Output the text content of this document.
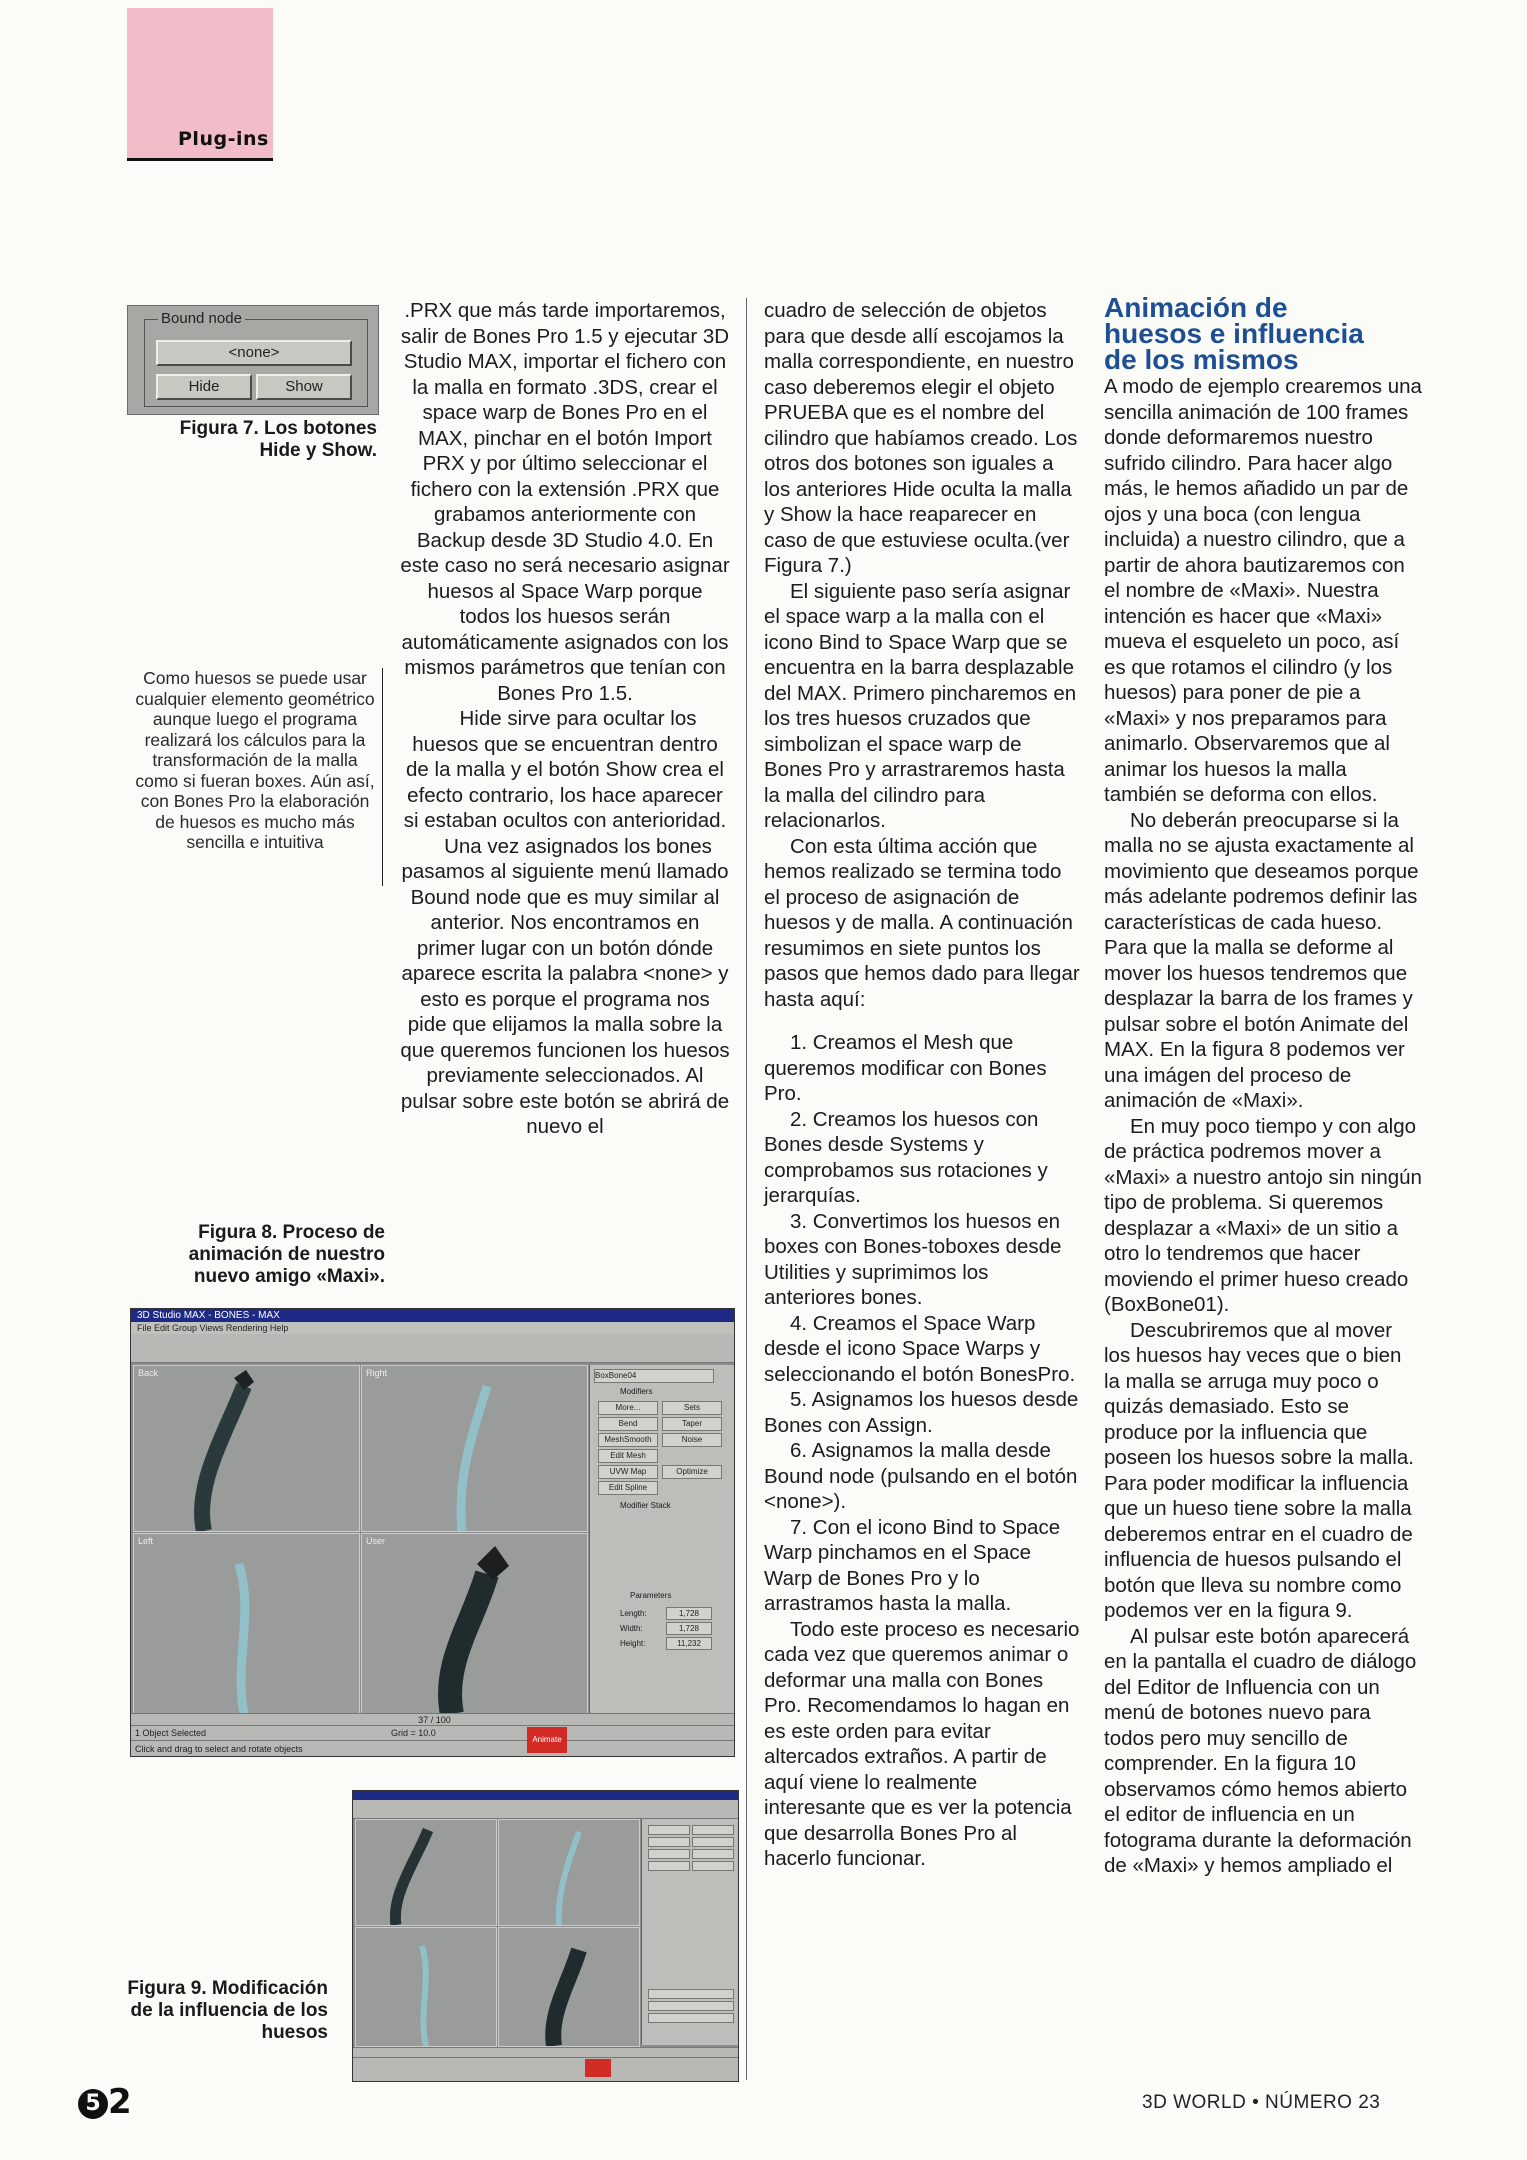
Plug-ins
Bound node
<none>
Hide	Show
Figura 7. Los botones
Hide y Show.
Como huesos se puede usar cualquier elemento geométrico aunque luego el programa realizará los cálculos para la transformación de la malla como si fueran boxes. Aún así, con Bones Pro la elaboración de huesos es mucho más sencilla e intuitiva
Figura 8. Proceso de
animación de nuestro
nuevo amigo «Maxi».

.PRX que más tarde importaremos, salir de Bones Pro 1.5 y ejecutar 3D Studio MAX, importar el fichero con la malla en formato .3DS, crear el space warp de Bones Pro en el MAX, pinchar en el botón Import PRX y por último seleccionar el fichero con la extensión .PRX que grabamos anteriormente con Backup desde 3D Studio 4.0. En este caso no será necesario asignar huesos al Space Warp porque todos los huesos serán automáticamente asignados con los mismos parámetros que tenían con Bones Pro 1.5.

Hide sirve para ocultar los huesos que se encuentran dentro de la malla y el botón Show crea el efecto contrario, los hace aparecer si estaban ocultos con anterioridad.

Una vez asignados los bones pasamos al siguiente menú llamado Bound node que es muy similar al anterior. Nos encontramos en primer lugar con un botón dónde aparece escrita la palabra <none> y esto es porque el programa nos pide que elijamos la malla sobre la que queremos funcionen los huesos previamente seleccionados. Al pulsar sobre este botón se abrirá de nuevo el

cuadro de selección de objetos para que desde allí escojamos la malla correspondiente, en nuestro caso deberemos elegir el objeto PRUEBA que es el nombre del cilindro que habíamos creado. Los otros dos botones son iguales a los anteriores Hide oculta la malla y Show la hace reaparecer en caso de que estuviese oculta.(ver Figura 7.)

El siguiente paso sería asignar el space warp a la malla con el icono Bind to Space Warp que se encuentra en la barra desplazable del MAX. Primero pincharemos en los tres huesos cruzados que simbolizan el space warp de Bones Pro y arrastraremos hasta la malla del cilindro para relacionarlos.

Con esta última acción que hemos realizado se termina todo el proceso de asignación de huesos y de malla. A continuación resumimos en siete puntos los pasos que hemos dado para llegar hasta aquí:

1. Creamos el Mesh que queremos modificar con Bones Pro.

2. Creamos los huesos con Bones desde Systems y comprobamos sus rotaciones y jerarquías.

3. Convertimos los huesos en boxes con Bones-toboxes desde Utilities y suprimimos los anteriores bones.

4. Creamos el Space Warp desde el icono Space Warps y seleccionando el botón BonesPro.

5. Asignamos los huesos desde Bones con Assign.

6. Asignamos la malla desde Bound node (pulsando en el botón <none>).

7. Con el icono Bind to Space Warp pinchamos en el Space Warp de Bones Pro y lo arrastramos hasta la malla.

Todo este proceso es necesario cada vez que queremos animar o deformar una malla con Bones Pro. Recomendamos lo hagan en es este orden para evitar altercados extraños. A partir de aquí viene lo realmente interesante que es ver la potencia que desarrolla Bones Pro al hacerlo funcionar.

Animación de
huesos e influencia
de los mismos

A modo de ejemplo crearemos una sencilla animación de 100 frames donde deformaremos nuestro sufrido cilindro. Para hacer algo más, le hemos añadido un par de ojos y una boca (con lengua incluida) a nuestro cilindro, que a partir de ahora bautizaremos con el nombre de «Maxi». Nuestra intención es hacer que «Maxi» mueva el esqueleto un poco, así es que rotamos el cilindro (y los huesos) para poner de pie a «Maxi» y nos preparamos para animarlo. Observaremos que al animar los huesos la malla también se deforma con ellos.

No deberán preocuparse si la malla no se ajusta exactamente al movimiento que deseamos porque más adelante podremos definir las características de cada hueso. Para que la malla se deforme al mover los huesos tendremos que desplazar la barra de los frames y pulsar sobre el botón Animate del MAX. En la figura 8 podemos ver una imágen del proceso de animación de «Maxi».

En muy poco tiempo y con algo de práctica podremos mover a «Maxi» a nuestro antojo sin ningún tipo de problema. Si queremos desplazar a «Maxi» de un sitio a otro lo tendremos que hacer moviendo el primer hueso creado (BoxBone01).

Descubriremos que al mover los huesos hay veces que o bien la malla se arruga muy poco o quizás demasiado. Esto se produce por la influencia que poseen los huesos sobre la malla. Para poder modificar la influencia que un hueso tiene sobre la malla deberemos entrar en el cuadro de influencia de huesos pulsando el botón que lleva su nombre como podemos ver en la figura 9.

Al pulsar este botón aparecerá en la pantalla el cuadro de diálogo del Editor de Influencia con un menú de botones nuevo para todos pero muy sencillo de comprender. En la figura 10 observamos cómo hemos abierto el editor de influencia en un fotograma durante la deformación de «Maxi» y hemos ampliado el

3D Studio MAX - BONES - MAX
File Edit Group Views Rendering Help
Back	Right
Left	User
BoxBone04
Modifiers
More...	Sets
Bend	Taper
MeshSmooth	Noise
Edit Mesh
UVW Map	Optimize
Edit Spline
Modifier Stack
Parameters
Length:	1,728
Width:	1,728
Height:	11,232
37 / 100
1 Object Selected	Grid = 10.0
Click and drag to select and rotate objects
Animate
Figura 9. Modificación
de la influencia de los
huesos
5 2	3D WORLD • NÚMERO 23
